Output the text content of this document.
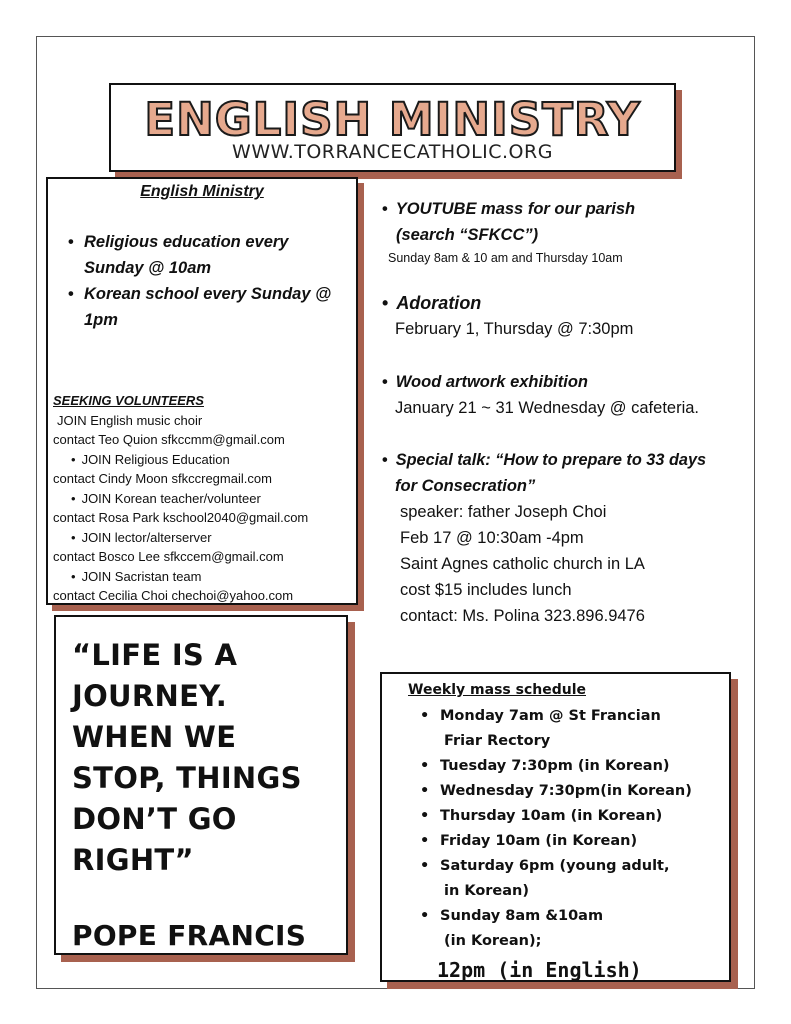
ENGLISH MINISTRY
WWW.TORRANCECATHOLIC.ORG
English Ministry
• Religious education every Sunday @ 10am
• Korean school every Sunday @ 1pm
SEEKING VOLUNTEERS
JOIN English music choir
contact Teo Quion sfkccmm@gmail.com
• JOIN Religious Education
contact Cindy Moon sfkccregmail.com
• JOIN Korean teacher/volunteer
contact Rosa Park kschool2040@gmail.com
• JOIN lector/alterserver
contact Bosco Lee sfkccem@gmail.com
• JOIN Sacristan team
contact Cecilia Choi chechoi@yahoo.com
“LIFE IS A
JOURNEY.
WHEN WE
STOP, THINGS
DON’T GO
RIGHT”
POPE FRANCIS
• YOUTUBE mass for our parish
(search “SFKCC”)
Sunday 8am & 10 am and Thursday 10am
• Adoration
February 1, Thursday @ 7:30pm
• Wood artwork exhibition
January 21 ~ 31 Wednesday @ cafeteria.
• Special talk: “How to prepare to 33 days
for Consecration”
speaker: father Joseph Choi
Feb 17 @ 10:30am -4pm
Saint Agnes catholic church in LA
cost $15 includes lunch
contact: Ms. Polina 323.896.9476
Weekly mass schedule
• Monday 7am @ St Francian
Friar Rectory
• Tuesday 7:30pm (in Korean)
• Wednesday 7:30pm(in Korean)
• Thursday 10am (in Korean)
• Friday 10am (in Korean)
• Saturday 6pm (young adult,
in Korean)
• Sunday 8am &10am
(in Korean);
12pm (in English)
